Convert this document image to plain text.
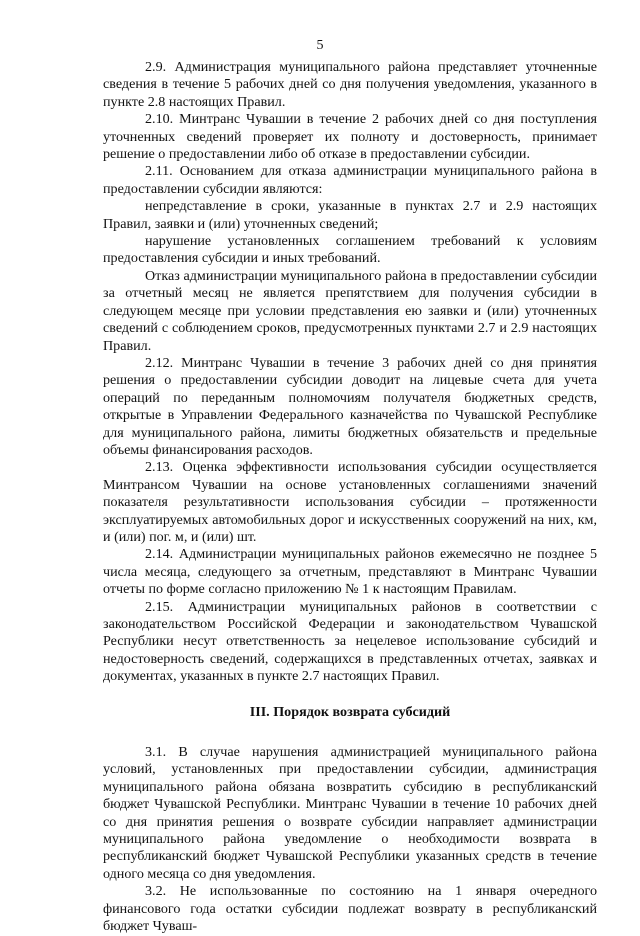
5

2.9. Администрация муниципального района представляет уточненные сведения в течение 5 рабочих дней со дня получения уведомления, указанного в пункте 2.8 настоящих Правил.

2.10. Минтранс Чувашии в течение 2 рабочих дней со дня поступления уточненных сведений проверяет их полноту и достоверность, принимает решение о предоставлении либо об отказе в предоставлении субсидии.

2.11. Основанием для отказа администрации муниципального района в предоставлении субсидии являются:

непредставление в сроки, указанные в пунктах 2.7 и 2.9 настоящих Правил, заявки и (или) уточненных сведений;

нарушение установленных соглашением требований к условиям предоставления субсидии и иных требований.

Отказ администрации муниципального района в предоставлении субсидии за отчетный месяц не является препятствием для получения субсидии в следующем месяце при условии представления ею заявки и (или) уточненных сведений с соблюдением сроков, предусмотренных пунктами 2.7 и 2.9 настоящих Правил.

2.12. Минтранс Чувашии в течение 3 рабочих дней со дня принятия решения о предоставлении субсидии доводит на лицевые счета для учета операций по переданным полномочиям получателя бюджетных средств, открытые в Управлении Федерального казначейства по Чувашской Республике для муниципального района, лимиты бюджетных обязательств и предельные объемы финансирования расходов.

2.13. Оценка эффективности использования субсидии осуществляется Минтрансом Чувашии на основе установленных соглашениями значений показателя результативности использования субсидии – протяженности эксплуатируемых автомобильных дорог и искусственных сооружений на них, км, и (или) пог. м, и (или) шт.

2.14. Администрации муниципальных районов ежемесячно не позднее 5 числа месяца, следующего за отчетным, представляют в Минтранс Чувашии отчеты по форме согласно приложению № 1 к настоящим Правилам.

2.15. Администрации муниципальных районов в соответствии с законодательством Российской Федерации и законодательством Чувашской Республики несут ответственность за нецелевое использование субсидий и недостоверность сведений, содержащихся в представленных отчетах, заявках и документах, указанных в пункте 2.7 настоящих Правил.

III. Порядок возврата субсидий

3.1. В случае нарушения администрацией муниципального района условий, установленных при предоставлении субсидии, администрация муниципального района обязана возвратить субсидию в республиканский бюджет Чувашской Республики. Минтранс Чувашии в течение 10 рабочих дней со дня принятия решения о возврате субсидии направляет администрации муниципального района уведомление о необходимости возврата в республиканский бюджет Чувашской Республики указанных средств в течение одного месяца со дня уведомления.

3.2. Не использованные по состоянию на 1 января очередного финансового года остатки субсидии подлежат возврату в республиканский бюджет Чуваш-
